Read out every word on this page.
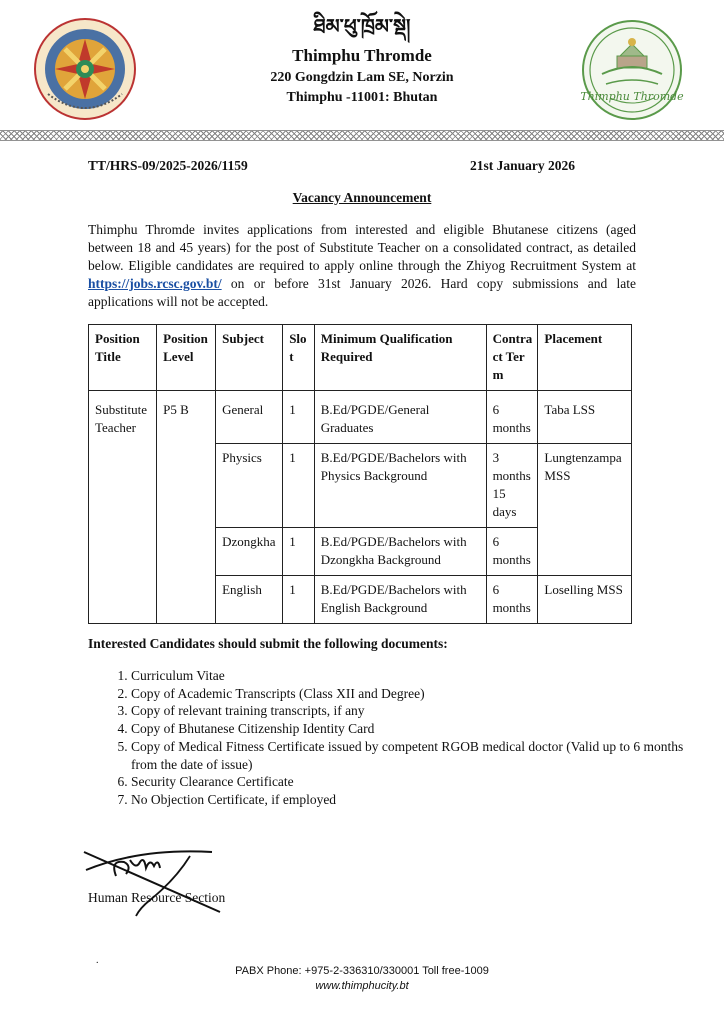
ཐིམ་ཕུ་ཁྲོམ་སྡེ།
Thimphu Thromde
220 Gongdzin Lam SE, Norzin
Thimphu -11001: Bhutan	Thimphu Thromde
TT/HRS-09/2025-2026/1159	21st January 2026
Vacancy Announcement
Thimphu Thromde invites applications from interested and eligible Bhutanese citizens (aged between 18 and 45 years) for the post of Substitute Teacher on a consolidated contract, as detailed below. Eligible candidates are required to apply online through the Zhiyog Recruitment System at https://jobs.rcsc.gov.bt/ on or before 31st January 2026. Hard copy submissions and late applications will not be accepted.
Position Title	Position Level	Subject	Slot	Minimum Qualification Required	Contract Term	Placement
Substitute Teacher	P5 B	General	1	B.Ed/PGDE/General Graduates	6 months	Taba LSS
		Physics	1	B.Ed/PGDE/Bachelors with Physics Background	3 months 15 days	Lungtenzampa MSS
		Dzongkha	1	B.Ed/PGDE/Bachelors with Dzongkha Background	6 months	
		English	1	B.Ed/PGDE/Bachelors with English Background	6 months	Loselling MSS
Interested Candidates should submit the following documents:
1. Curriculum Vitae
2. Copy of Academic Transcripts (Class XII and Degree)
3. Copy of relevant training transcripts, if any
4. Copy of Bhutanese Citizenship Identity Card
5. Copy of Medical Fitness Certificate issued by competent RGOB medical doctor (Valid up to 6 months from the date of issue)
6. Security Clearance Certificate
7. No Objection Certificate, if employed
Human Resource Section
.
PABX Phone: +975-2-336310/330001 Toll free-1009
www.thimphucity.bt
